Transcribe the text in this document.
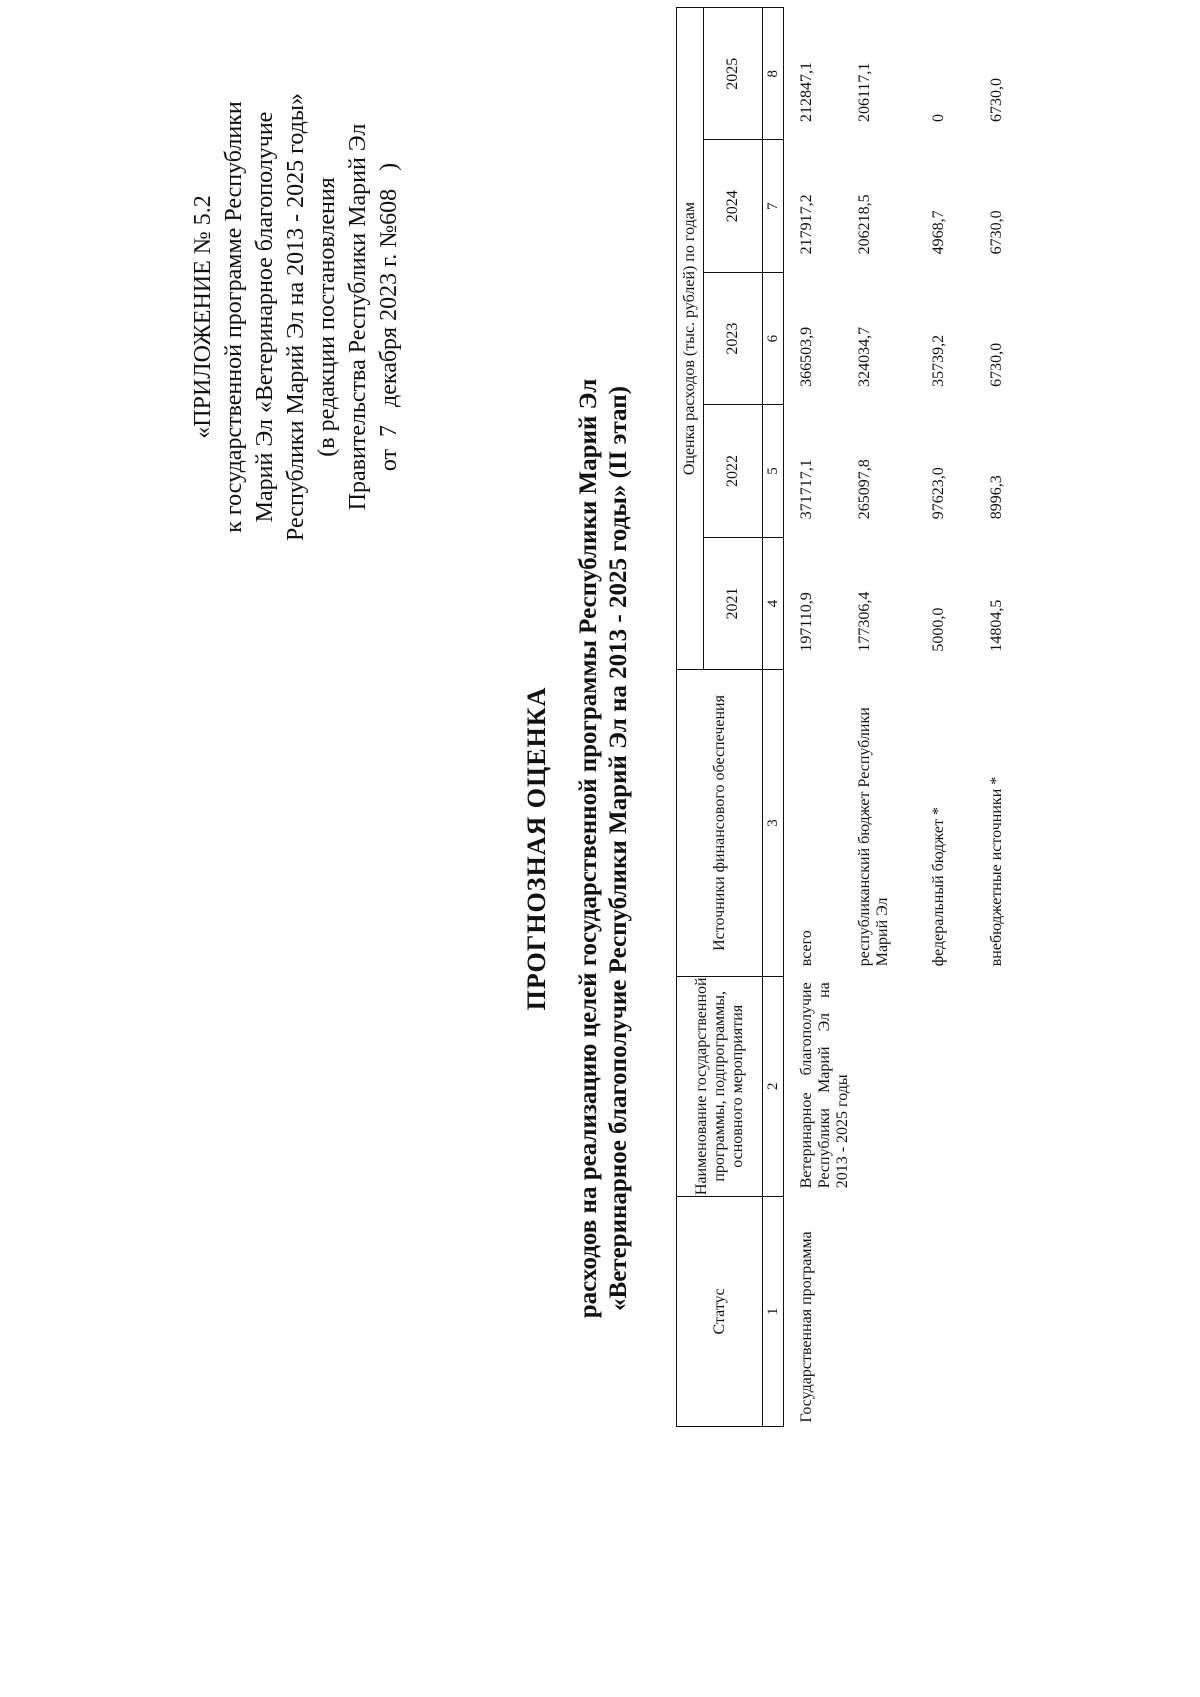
«ПРИЛОЖЕНИЕ № 5.2 к государственной программе Республики Марий Эл «Ветеринарное благополучие Республики Марий Эл на 2013 - 2025 годы» (в редакции постановления Правительства Республики Марий Эл от  7   декабря 2023 г. №608   )
ПРОГНОЗНАЯ ОЦЕНКА расходов на реализацию целей государственной программы Республики Марий Эл «Ветеринарное благополучие Республики Марий Эл на 2013 - 2025 годы» (II этап)
Статус	Наименование государственной программы, подпрограммы, основного мероприятия	Источники финансового обеспечения	Оценка расходов (тыс. рублей) по годам				
			2021	2022	2023	2024	2025
1	2	3	4	5	6	7	8
Государственная программа	Ветеринарное благополучие Республики Марий Эл на 2013 - 2025 годы	всего	197110,9	371717,1	366503,9	217917,2	212847,1
		республиканский бюджет Республики Марий Эл	177306,4	265097,8	324034,7	206218,5	206117,1
		федеральный бюджет *	5000,0	97623,0	35739,2	4968,7	0
		внебюджетные источники *	14804,5	8996,3	6730,0	6730,0	6730,0
